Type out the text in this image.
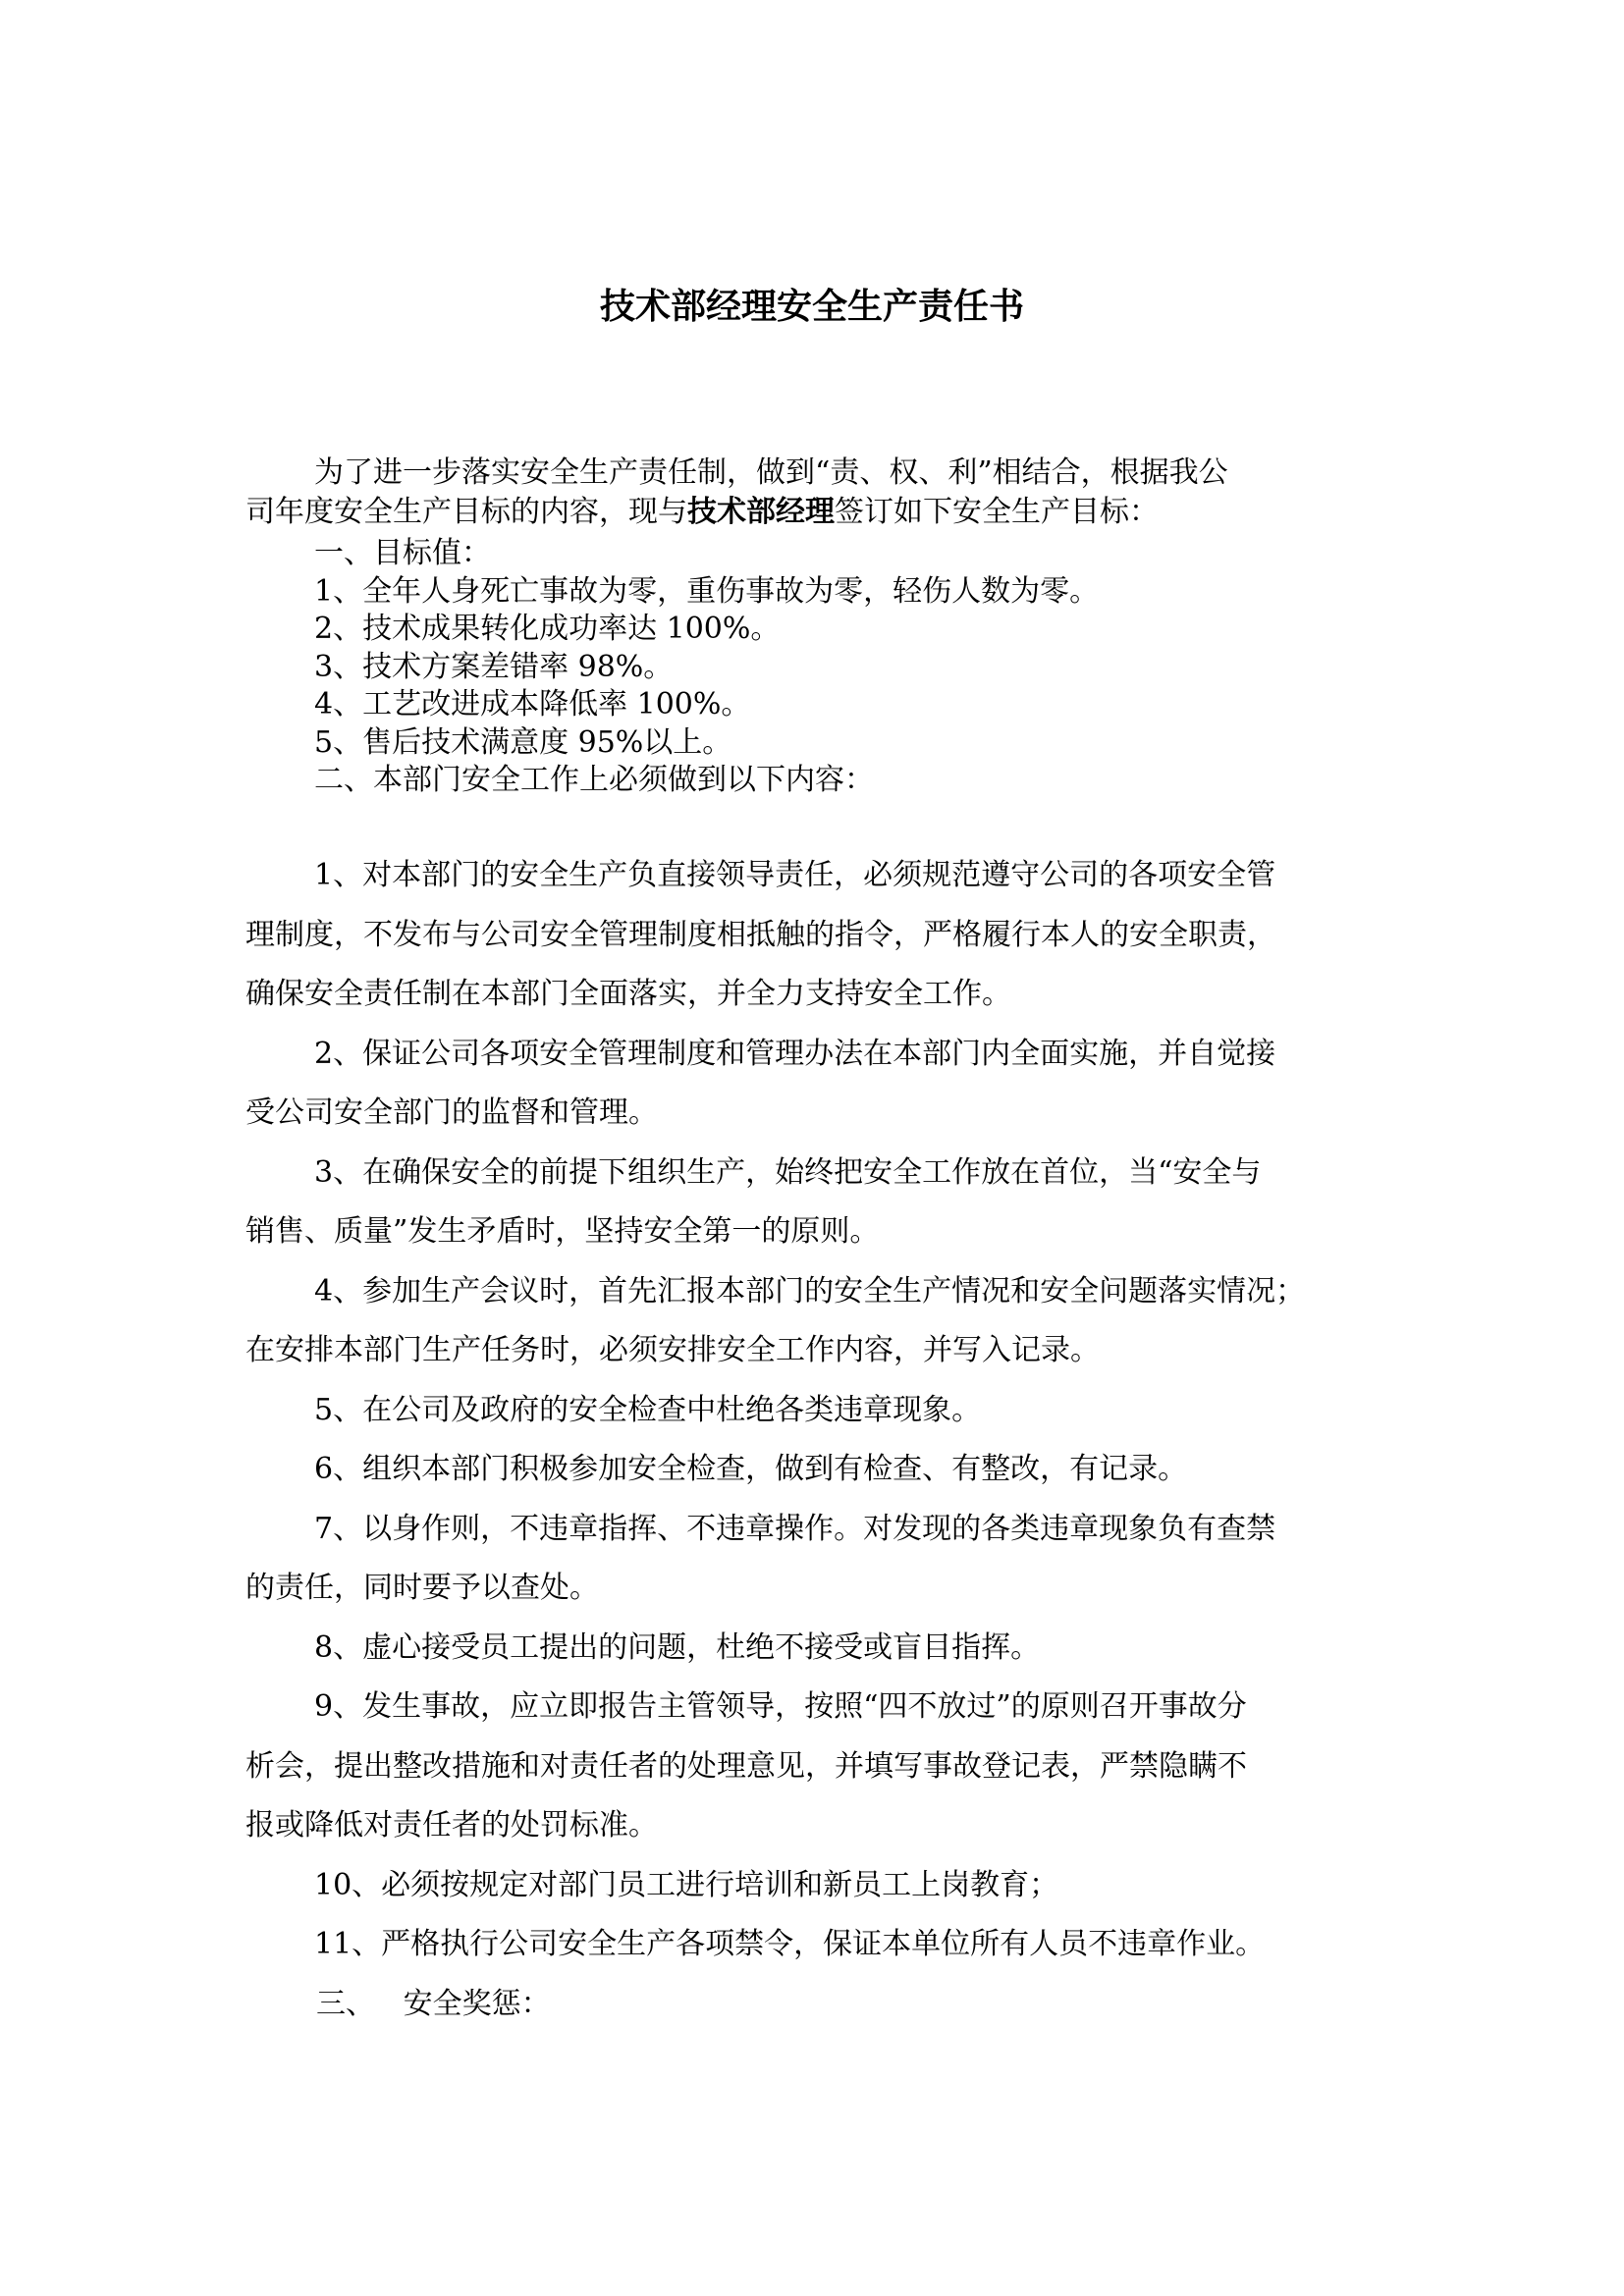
技术部经理安全生产责任书
为了进一步落实安全生产责任制，做到“责、权、利”相结合，根据我公
司年度安全生产目标的内容，现与技术部经理签订如下安全生产目标：
一、目标值：
1、全年人身死亡事故为零，重伤事故为零，轻伤人数为零。
2、技术成果转化成功率达 100%。
3、技术方案差错率 98%。
4、工艺改进成本降低率 100%。
5、售后技术满意度 95%以上。
二、本部门安全工作上必须做到以下内容：
1、对本部门的安全生产负直接领导责任，必须规范遵守公司的各项安全管
理制度，不发布与公司安全管理制度相抵触的指令，严格履行本人的安全职责，
确保安全责任制在本部门全面落实，并全力支持安全工作。
2、保证公司各项安全管理制度和管理办法在本部门内全面实施，并自觉接
受公司安全部门的监督和管理。
3、在确保安全的前提下组织生产，始终把安全工作放在首位，当“安全与
销售、质量”发生矛盾时，坚持安全第一的原则。
4、参加生产会议时，首先汇报本部门的安全生产情况和安全问题落实情况；
在安排本部门生产任务时，必须安排安全工作内容，并写入记录。
5、在公司及政府的安全检查中杜绝各类违章现象。
6、组织本部门积极参加安全检查，做到有检查、有整改，有记录。
7、以身作则，不违章指挥、不违章操作。对发现的各类违章现象负有查禁
的责任，同时要予以查处。
8、虚心接受员工提出的问题，杜绝不接受或盲目指挥。
9、发生事故，应立即报告主管领导，按照“四不放过”的原则召开事故分
析会，提出整改措施和对责任者的处理意见，并填写事故登记表，严禁隐瞒不
报或降低对责任者的处罚标准。
10、必须按规定对部门员工进行培训和新员工上岗教育；
11、严格执行公司安全生产各项禁令，保证本单位所有人员不违章作业。
三、   安全奖惩：
